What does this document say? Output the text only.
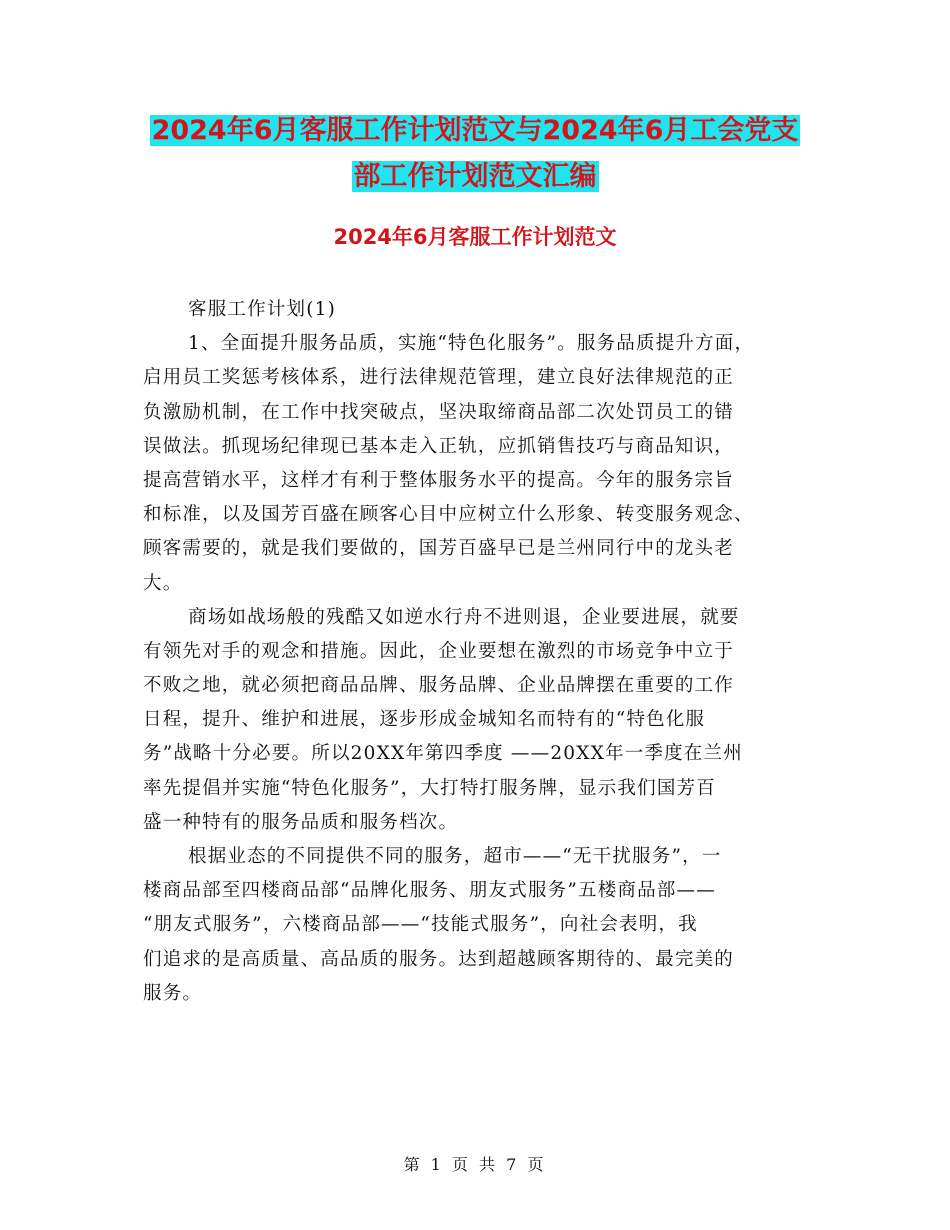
2024年6月客服工作计划范文与2024年6月工会党支
部工作计划范文汇编
2024年6月客服工作计划范文
客服工作计划(1)
1、全面提升服务品质，实施“特色化服务”。服务品质提升方面，
启用员工奖惩考核体系，进行法律规范管理，建立良好法律规范的正
负激励机制，在工作中找突破点，坚决取缔商品部二次处罚员工的错
误做法。抓现场纪律现已基本走入正轨，应抓销售技巧与商品知识，
提高营销水平，这样才有利于整体服务水平的提高。今年的服务宗旨
和标准，以及国芳百盛在顾客心目中应树立什么形象、转变服务观念、
顾客需要的，就是我们要做的，国芳百盛早已是兰州同行中的龙头老
大。
商场如战场般的残酷又如逆水行舟不进则退，企业要进展，就要
有领先对手的观念和措施。因此，企业要想在激烈的市场竞争中立于
不败之地，就必须把商品品牌、服务品牌、企业品牌摆在重要的工作
日程，提升、维护和进展，逐步形成金城知名而特有的“特色化服
务”战略十分必要。所以20XX年第四季度 ——20XX年一季度在兰州
率先提倡并实施“特色化服务”，大打特打服务牌，显示我们国芳百
盛一种特有的服务品质和服务档次。
根据业态的不同提供不同的服务，超市——“无干扰服务”，一
楼商品部至四楼商品部“品牌化服务、朋友式服务”五楼商品部——
“朋友式服务”，六楼商品部——“技能式服务”，向社会表明，我
们追求的是高质量、高品质的服务。达到超越顾客期待的、最完美的
服务。
第 1 页 共 7 页
